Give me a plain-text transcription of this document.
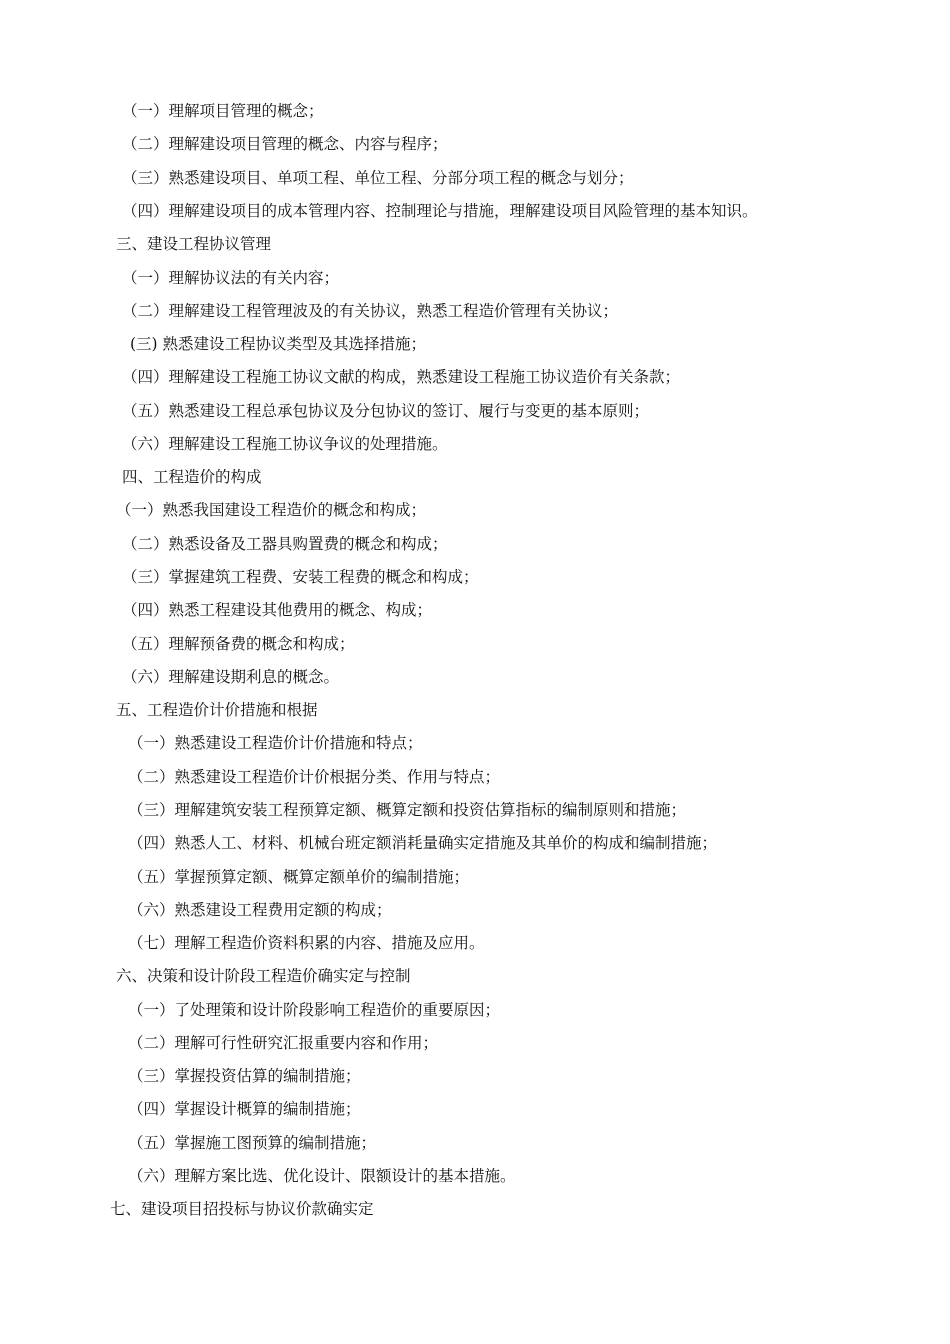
（一）理解项目管理的概念；
（二）理解建设项目管理的概念、内容与程序；
（三）熟悉建设项目、单项工程、单位工程、分部分项工程的概念与划分；
（四）理解建设项目的成本管理内容、控制理论与措施，理解建设项目风险管理的基本知识。
三、建设工程协议管理
（一）理解协议法的有关内容；
（二）理解建设工程管理波及的有关协议，熟悉工程造价管理有关协议；
(三) 熟悉建设工程协议类型及其选择措施；
（四）理解建设工程施工协议文献的构成，熟悉建设工程施工协议造价有关条款；
（五）熟悉建设工程总承包协议及分包协议的签订、履行与变更的基本原则；
（六）理解建设工程施工协议争议的处理措施。
四、工程造价的构成
（一）熟悉我国建设工程造价的概念和构成；
（二）熟悉设备及工器具购置费的概念和构成；
（三）掌握建筑工程费、安装工程费的概念和构成；
（四）熟悉工程建设其他费用的概念、构成；
（五）理解预备费的概念和构成；
（六）理解建设期利息的概念。
五、工程造价计价措施和根据
（一）熟悉建设工程造价计价措施和特点；
（二）熟悉建设工程造价计价根据分类、作用与特点；
（三）理解建筑安装工程预算定额、概算定额和投资估算指标的编制原则和措施；
（四）熟悉人工、材料、机械台班定额消耗量确实定措施及其单价的构成和编制措施；
（五）掌握预算定额、概算定额单价的编制措施；
（六）熟悉建设工程费用定额的构成；
（七）理解工程造价资料积累的内容、措施及应用。
六、决策和设计阶段工程造价确实定与控制
（一）了处理策和设计阶段影响工程造价的重要原因；
（二）理解可行性研究汇报重要内容和作用；
（三）掌握投资估算的编制措施；
（四）掌握设计概算的编制措施；
（五）掌握施工图预算的编制措施；
（六）理解方案比选、优化设计、限额设计的基本措施。
七、建设项目招投标与协议价款确实定
